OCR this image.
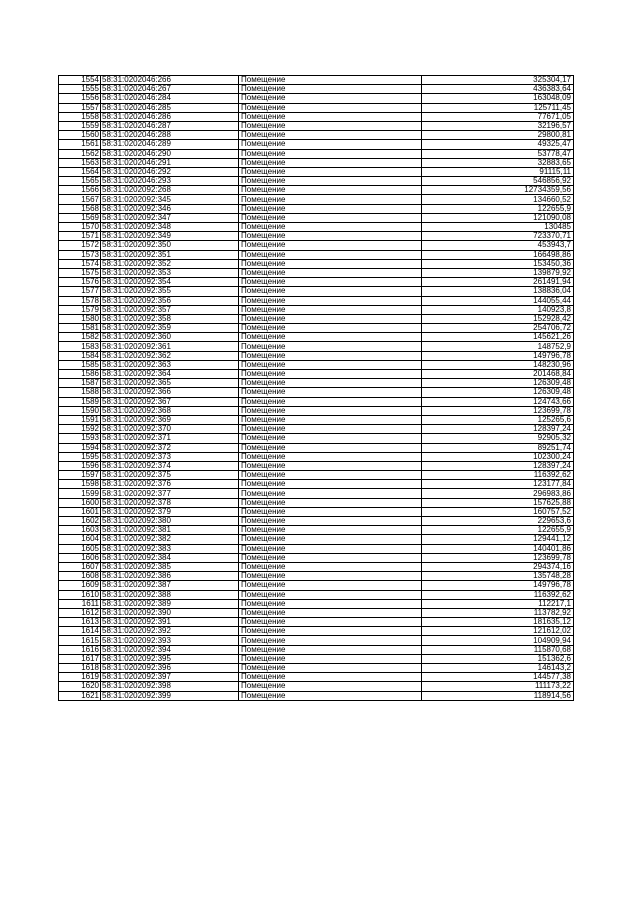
1554	58:31:0202046:266	Помещение	325304,17
1555	58:31:0202046:267	Помещение	436383,64
1556	58:31:0202046:284	Помещение	163048,09
1557	58:31:0202046:285	Помещение	125711,45
1558	58:31:0202046:286	Помещение	77671,05
1559	58:31:0202046:287	Помещение	32196,57
1560	58:31:0202046:288	Помещение	29800,81
1561	58:31:0202046:289	Помещение	49325,47
1562	58:31:0202046:290	Помещение	53778,47
1563	58:31:0202046:291	Помещение	32883,65
1564	58:31:0202046:292	Помещение	91115,11
1565	58:31:0202046:293	Помещение	546856,92
1566	58:31:0202092:268	Помещение	12734359,56
1567	58:31:0202092:345	Помещение	134660,52
1568	58:31:0202092:346	Помещение	122655,9
1569	58:31:0202092:347	Помещение	121090,08
1570	58:31:0202092:348	Помещение	130485
1571	58:31:0202092:349	Помещение	723370,71
1572	58:31:0202092:350	Помещение	453943,7
1573	58:31:0202092:351	Помещение	166498,86
1574	58:31:0202092:352	Помещение	153450,36
1575	58:31:0202092:353	Помещение	139879,92
1576	58:31:0202092:354	Помещение	261491,94
1577	58:31:0202092:355	Помещение	138836,04
1578	58:31:0202092:356	Помещение	144055,44
1579	58:31:0202092:357	Помещение	140923,8
1580	58:31:0202092:358	Помещение	152928,42
1581	58:31:0202092:359	Помещение	254706,72
1582	58:31:0202092:360	Помещение	145621,26
1583	58:31:0202092:361	Помещение	148752,9
1584	58:31:0202092:362	Помещение	149796,78
1585	58:31:0202092:363	Помещение	148230,96
1586	58:31:0202092:364	Помещение	201468,84
1587	58:31:0202092:365	Помещение	126309,48
1588	58:31:0202092:366	Помещение	126309,48
1589	58:31:0202092:367	Помещение	124743,66
1590	58:31:0202092:368	Помещение	123699,78
1591	58:31:0202092:369	Помещение	125265,6
1592	58:31:0202092:370	Помещение	128397,24
1593	58:31:0202092:371	Помещение	92905,32
1594	58:31:0202092:372	Помещение	89251,74
1595	58:31:0202092:373	Помещение	102300,24
1596	58:31:0202092:374	Помещение	128397,24
1597	58:31:0202092:375	Помещение	116392,62
1598	58:31:0202092:376	Помещение	123177,84
1599	58:31:0202092:377	Помещение	296983,86
1600	58:31:0202092:378	Помещение	157625,88
1601	58:31:0202092:379	Помещение	160757,52
1602	58:31:0202092:380	Помещение	229653,6
1603	58:31:0202092:381	Помещение	122655,9
1604	58:31:0202092:382	Помещение	129441,12
1605	58:31:0202092:383	Помещение	140401,86
1606	58:31:0202092:384	Помещение	123699,78
1607	58:31:0202092:385	Помещение	294374,16
1608	58:31:0202092:386	Помещение	135748,28
1609	58:31:0202092:387	Помещение	149796,78
1610	58:31:0202092:388	Помещение	116392,62
1611	58:31:0202092:389	Помещение	112217,1
1612	58:31:0202092:390	Помещение	113782,92
1613	58:31:0202092:391	Помещение	181635,12
1614	58:31:0202092:392	Помещение	121612,02
1615	58:31:0202092:393	Помещение	104909,94
1616	58:31:0202092:394	Помещение	115870,68
1617	58:31:0202092:395	Помещение	151362,6
1618	58:31:0202092:396	Помещение	146143,2
1619	58:31:0202092:397	Помещение	144577,38
1620	58:31:0202092:398	Помещение	111173,22
1621	58:31:0202092:399	Помещение	118914,56
